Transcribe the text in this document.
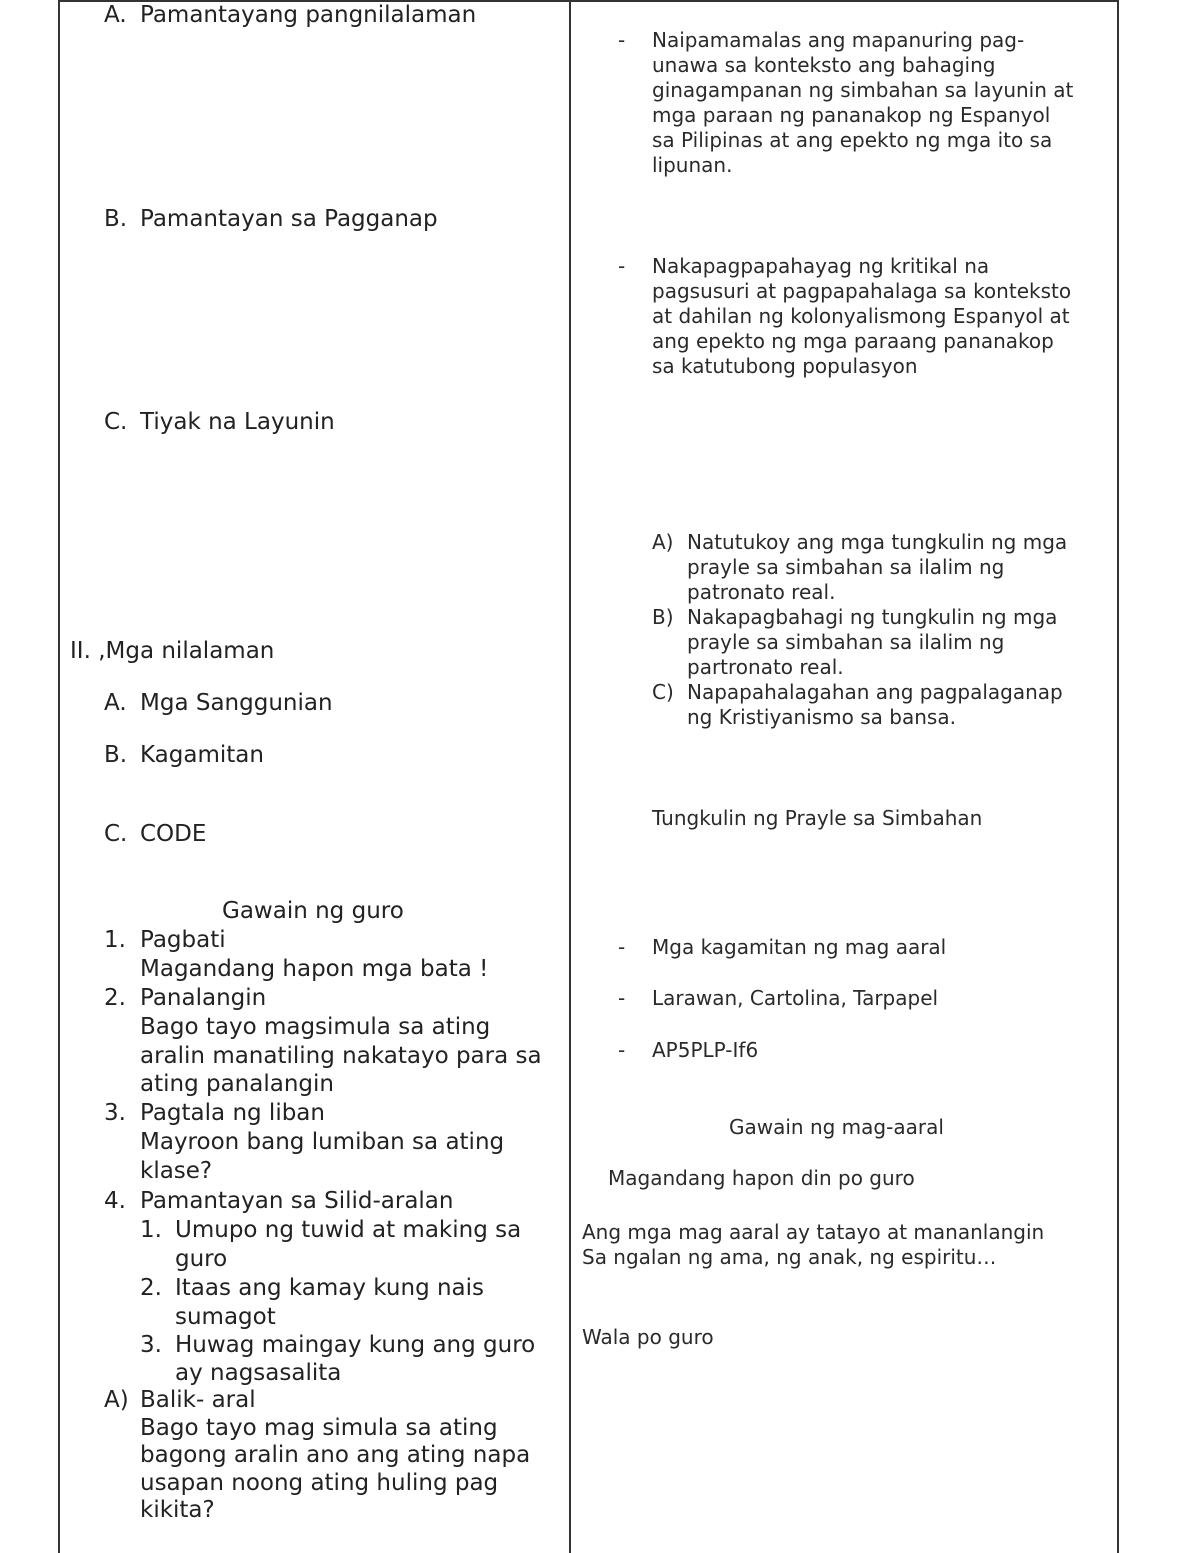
A. Pamantayang pangnilalaman
B. Pamantayan sa Pagganap
C. Tiyak na Layunin
II. ,Mga nilalaman
A. Mga Sanggunian
B. Kagamitan
C. CODE
Gawain ng guro
1. Pagbati
Magandang hapon mga bata !
2. Panalangin
Bago tayo magsimula sa ating
aralin manatiling nakatayo para sa
ating panalangin
3. Pagtala ng liban
Mayroon bang lumiban sa ating
klase?
4. Pamantayan sa Silid-aralan
1. Umupo ng tuwid at making sa
guro
2. Itaas ang kamay kung nais
sumagot
3. Huwag maingay kung ang guro
ay nagsasalita
A) Balik- aral
Bago tayo mag simula sa ating
bagong aralin ano ang ating napa
usapan noong ating huling pag
kikita?
- Naipamamalas ang mapanuring pag-
unawa sa konteksto ang bahaging
ginagampanan ng simbahan sa layunin at
mga paraan ng pananakop ng Espanyol
sa Pilipinas at ang epekto ng mga ito sa
lipunan.
- Nakapagpapahayag ng kritikal na
pagsusuri at pagpapahalaga sa konteksto
at dahilan ng kolonyalismong Espanyol at
ang epekto ng mga paraang pananakop
sa katutubong populasyon
A) Natutukoy ang mga tungkulin ng mga
prayle sa simbahan sa ilalim ng
patronato real.
B) Nakapagbahagi ng tungkulin ng mga
prayle sa simbahan sa ilalim ng
partronato real.
C) Napapahalagahan ang pagpalaganap
ng Kristiyanismo sa bansa.
Tungkulin ng Prayle sa Simbahan
- Mga kagamitan ng mag aaral
- Larawan, Cartolina, Tarpapel
- AP5PLP-If6
Gawain ng mag-aaral
Magandang hapon din po guro
Ang mga mag aaral ay tatayo at mananlangin
Sa ngalan ng ama, ng anak, ng espiritu…
Wala po guro
